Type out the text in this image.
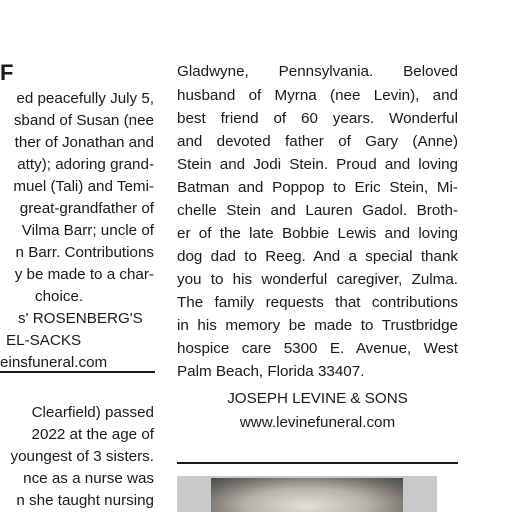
F
ed peacefully July 5,
sband of Susan (nee
ther of Jonathan and
atty); adoring grand-
muel (Tali) and Temi-
great-grandfather of
Vilma Barr; uncle of
n Barr. Contributions
y be made to a char-
choice.
s' ROSENBERG'S
EL-SACKS
einsfuneral.com
Clearfield) passed
2022 at the age of
youngest of 3 sisters.
nce as a nurse was
n she taught nursing
Gladwyne, Pennsylvania. Beloved
husband of Myrna (nee Levin), and
best friend of 60 years. Wonderful
and devoted father of Gary (Anne)
Stein and Jodi Stein. Proud and loving
Batman and Poppop to Eric Stein, Mi-
chelle Stein and Lauren Gadol. Broth-
er of the late Bobbie Lewis and loving
dog dad to Reeg. And a special thank
you to his wonderful caregiver, Zulma.
The family requests that contributions
in his memory be made to Trustbridge
hospice care 5300 E. Avenue, West
Palm Beach, Florida 33407.
JOSEPH LEVINE & SONS
www.levinefuneral.com
